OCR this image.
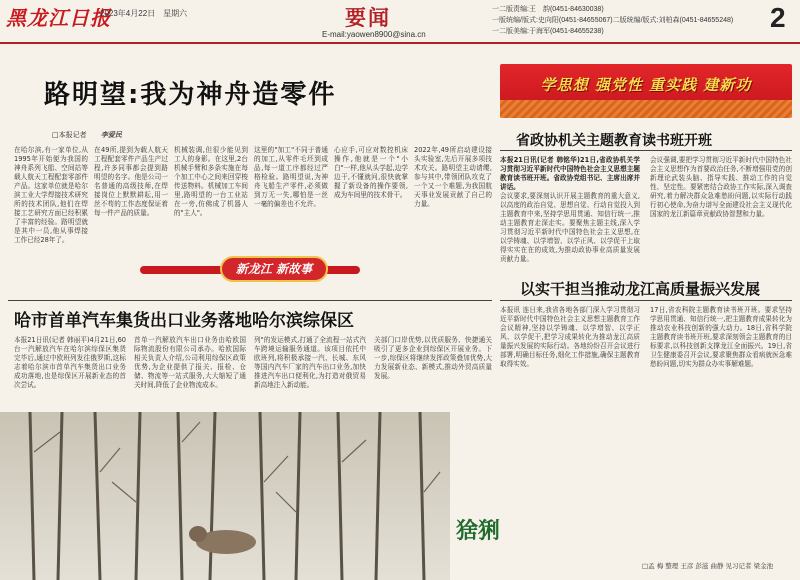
黑龙江日报
2023年4月22日　星期六	要闻
E-mail:yaowen8900@sina.cn
一二版责编:王　韵(0451-84630038)
一版统编/版式:史向阳(0451-84655067)二版统编/版式:刘柏森(0451-84655248)
一二版美编:于海军(0451-84655238)	2
路明望:我为神舟造零件
□本报记者 李爱民
在哈尔滨,有一家单位,从1995年开始便为我国的神舟系列飞船、空间站等载人航天工程配套零部件产品。这家单位就是哈尔滨工业大学焊接技术研究所的技术团队,他们在焊接工艺研究方面已经积累了丰富的经验。路明望就是其中一员,他从事焊接工作已经28年了。
在49所,提到为载人航天工程配套零件产品生产过程,许多同事都会提到路明望的名字。他是公司一名普通的高级技师,在焊接岗位上默默耕耘,用一丝不苟的工作态度保证着每一件产品的质量。
机械装调,但很少能见到工人的身影。在这里,2台机械手臂和多条实施在每个加工中心之间来回穿梭传送物料。机械加工车间里,路明望的一台工业站在一旁,仿佛成了机器人的"主人"。
这里的"加工"不同于普通的加工,从零件毛坯到成品,每一道工序都经过严格检验。路明望说,为神舟飞船生产零件,必须做到万无一失,哪怕是一丝一毫的偏差也不允许。
心应手,可应对数控机床操作,他就是一个"小白"一样,他从头学起,边学边干,不懂就问,很快就掌握了新设备的操作要领,成为车间里的技术骨干。
2022年,49所启动建设接头实验室,先后开展多项技术攻关。路明望主动请缨,参与其中,带领团队攻克了一个又一个难题,为我国航天事业发展贡献了自己的力量。
新龙江 新故事
哈市首单汽车集货出口业务落地哈尔滨综保区
本报21日讯(记者 韩丽平)4月21日,60台一汽解放汽车在哈尔滨综保区集货完毕后,通过中欧班列发往俄罗斯,这标志着哈尔滨市首单汽车集货出口业务成功落地,也是综保区开展新业态的首次尝试。
首单一汽解放汽车出口业务由哈欧国际物流股份有限公司承办。哈欧国际相关负责人介绍,公司利用综保区政策优势,为企业提供了报关、报检、仓储、物流等一站式服务,大大缩短了通关时间,降低了企业物流成本。
列"的发运模式,打通了全流程一站式汽车跨境运输服务通道。该项目依托中欧班列,将积极承接一汽、长城、东风等国内汽车厂家的汽车出口业务,加快推进汽车出口便利化,为打造对俄贸易新高地注入新动能。
关部门口岸优势,以优质服务、快捷通关吸引了更多企业到综保区开展业务。下一步,综保区将继续发挥政策叠加优势,大力发展新业态、新模式,推动外贸高质量发展。
猞猁
学思想 强党性 重实践 建新功
省政协机关主题教育读书班开班
本报21日讯(记者 韩铭华)21日,省政协机关学习贯彻习近平新时代中国特色社会主义思想主题教育读书班开班。省政协党组书记、主席出席并讲话。
会议要求,要深刻认识开展主题教育的重大意义,以高度的政治自觉、思想自觉、行动自觉投入到主题教育中来,坚持学思用贯通、知信行统一,推动主题教育走深走实。要聚焦主题主线,深入学习贯彻习近平新时代中国特色社会主义思想,在以学铸魂、以学增智、以学正风、以学促干上取得实实在在的成效,为推动政协事业高质量发展贡献力量。
会议强调,要把学习贯彻习近平新时代中国特色社会主义思想作为首要政治任务,不断增强用党的创新理论武装头脑、指导实践、推动工作的自觉性、坚定性。要紧密结合政协工作实际,深入调查研究,着力解决群众急难愁盼问题,以实际行动践行初心使命,为奋力谱写全面建设社会主义现代化国家的龙江新篇章贡献政协智慧和力量。
以实干担当推动龙江高质量振兴发展
本报讯 连日来,我省各地各部门深入学习贯彻习近平新时代中国特色社会主义思想主题教育工作会议精神,坚持以学铸魂、以学增智、以学正风、以学促干,把学习成果转化为推动龙江高质量振兴发展的实际行动。各地纷纷召开会议进行部署,明确目标任务,细化工作措施,确保主题教育取得实效。
17日,省农科院主题教育读书班开班。要求坚持学思用贯通、知信行统一,把主题教育成果转化为推动农业科技创新的强大动力。18日,省科学院主题教育读书班开班,要求深刻领会主题教育的目标要求,以科技创新支撑龙江全面振兴。19日,省卫生健康委召开会议,要求聚焦群众看病就医急难愁盼问题,切实为群众办实事解难题。
□孟 梅 整理 王彦 彭滋 曲静 见习记者 梁金池
